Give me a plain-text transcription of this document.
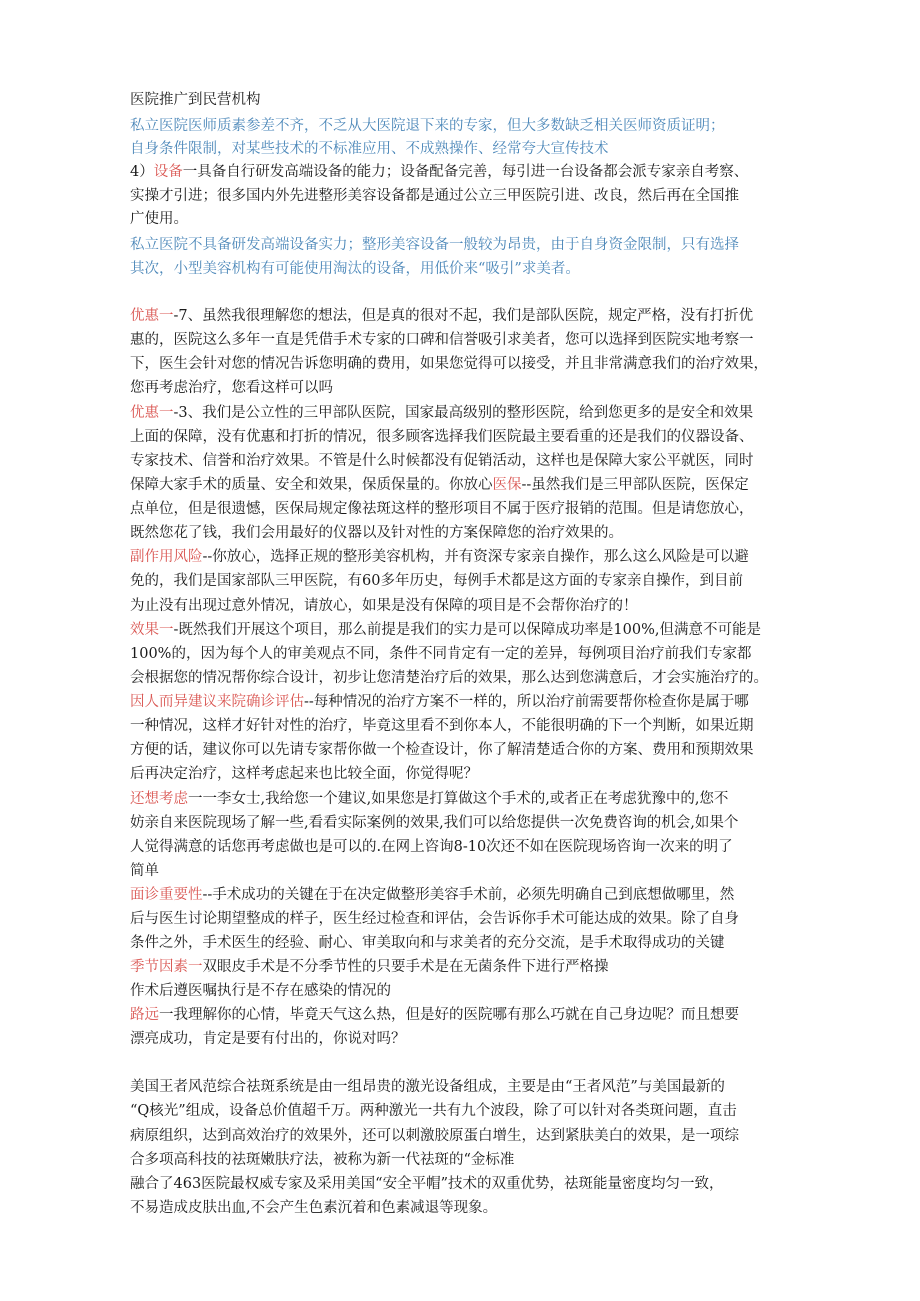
医院推广到民营机构
私立医院医师质素参差不齐，不乏从大医院退下来的专家，但大多数缺乏相关医师资质证明；
自身条件限制，对某些技术的不标准应用、不成熟操作、经常夸大宣传技术
4）设备一具备自行研发高端设备的能力；设备配备完善，每引进一台设备都会派专家亲自考察、
实操才引进；很多国内外先进整形美容设备都是通过公立三甲医院引进、改良，然后再在全国推
广使用。
私立医院不具备研发高端设备实力；整形美容设备一般较为昂贵，由于自身资金限制，只有选择
其次，小型美容机构有可能使用淘汰的设备，用低价来“吸引”求美者。
优惠一-7、虽然我很理解您的想法，但是真的很对不起，我们是部队医院，规定严格，没有打折优
惠的，医院这么多年一直是凭借手术专家的口碑和信誉吸引求美者，您可以选择到医院实地考察一
下，医生会针对您的情况告诉您明确的费用，如果您觉得可以接受，并且非常满意我们的治疗效果，
您再考虑治疗，您看这样可以吗
优惠一-3、我们是公立性的三甲部队医院，国家最高级别的整形医院，给到您更多的是安全和效果
上面的保障，没有优惠和打折的情况，很多顾客选择我们医院最主要看重的还是我们的仪器设备、
专家技术、信誉和治疗效果。不管是什么时候都没有促销活动，这样也是保障大家公平就医，同时
保障大家手术的质量、安全和效果，保质保量的。你放心医保--虽然我们是三甲部队医院，医保定
点单位，但是很遗憾，医保局规定像祛斑这样的整形项目不属于医疗报销的范围。但是请您放心，
既然您花了钱，我们会用最好的仪器以及针对性的方案保障您的治疗效果的。
副作用风险--你放心，选择正规的整形美容机构，并有资深专家亲自操作，那么这么风险是可以避
免的，我们是国家部队三甲医院，有60多年历史，每例手术都是这方面的专家亲自操作，到目前
为止没有出现过意外情况，请放心，如果是没有保障的项目是不会帮你治疗的！
效果一-既然我们开展这个项目，那么前提是我们的实力是可以保障成功率是100%,但满意不可能是
100%的，因为每个人的审美观点不同，条件不同肯定有一定的差异，每例项目治疗前我们专家都
会根据您的情况帮你综合设计，初步让您清楚治疗后的效果，那么达到您满意后，才会实施治疗的。
因人而异建议来院确诊评估--每种情况的治疗方案不一样的，所以治疗前需要帮你检查你是属于哪
一种情况，这样才好针对性的治疗，毕竟这里看不到你本人，不能很明确的下一个判断，如果近期
方便的话，建议你可以先请专家帮你做一个检查设计，你了解清楚适合你的方案、费用和预期效果
后再决定治疗，这样考虑起来也比较全面，你觉得呢？
还想考虑一一李女士,我给您一个建议,如果您是打算做这个手术的,或者正在考虑犹豫中的,您不
妨亲自来医院现场了解一些,看看实际案例的效果,我们可以给您提供一次免费咨询的机会,如果个
人觉得满意的话您再考虑做也是可以的.在网上咨询8-10次还不如在医院现场咨询一次来的明了
简单
面诊重要性--手术成功的关键在于在决定做整形美容手术前，必须先明确自己到底想做哪里，然
后与医生讨论期望整成的样子，医生经过检查和评估，会告诉你手术可能达成的效果。除了自身
条件之外，手术医生的经验、耐心、审美取向和与求美者的充分交流，是手术取得成功的关键
季节因素一双眼皮手术是不分季节性的只要手术是在无菌条件下进行严格操
作术后遵医嘱执行是不存在感染的情况的
路远一我理解你的心情，毕竟天气这么热，但是好的医院哪有那么巧就在自己身边呢？而且想要
漂亮成功，肯定是要有付出的，你说对吗？
美国王者风范综合祛斑系统是由一组昂贵的激光设备组成，主要是由“王者风范”与美国最新的
“Q核光”组成，设备总价值超千万。两种激光一共有九个波段，除了可以针对各类斑问题，直击
病原组织，达到高效治疗的效果外，还可以刺激胶原蛋白增生，达到紧肤美白的效果，是一项综
合多项高科技的祛斑嫩肤疗法，被称为新一代祛斑的“金标准
融合了463医院最权威专家及采用美国“安全平帽”技术的双重优势，祛斑能量密度均匀一致，
不易造成皮肤出血,不会产生色素沉着和色素减退等现象。
